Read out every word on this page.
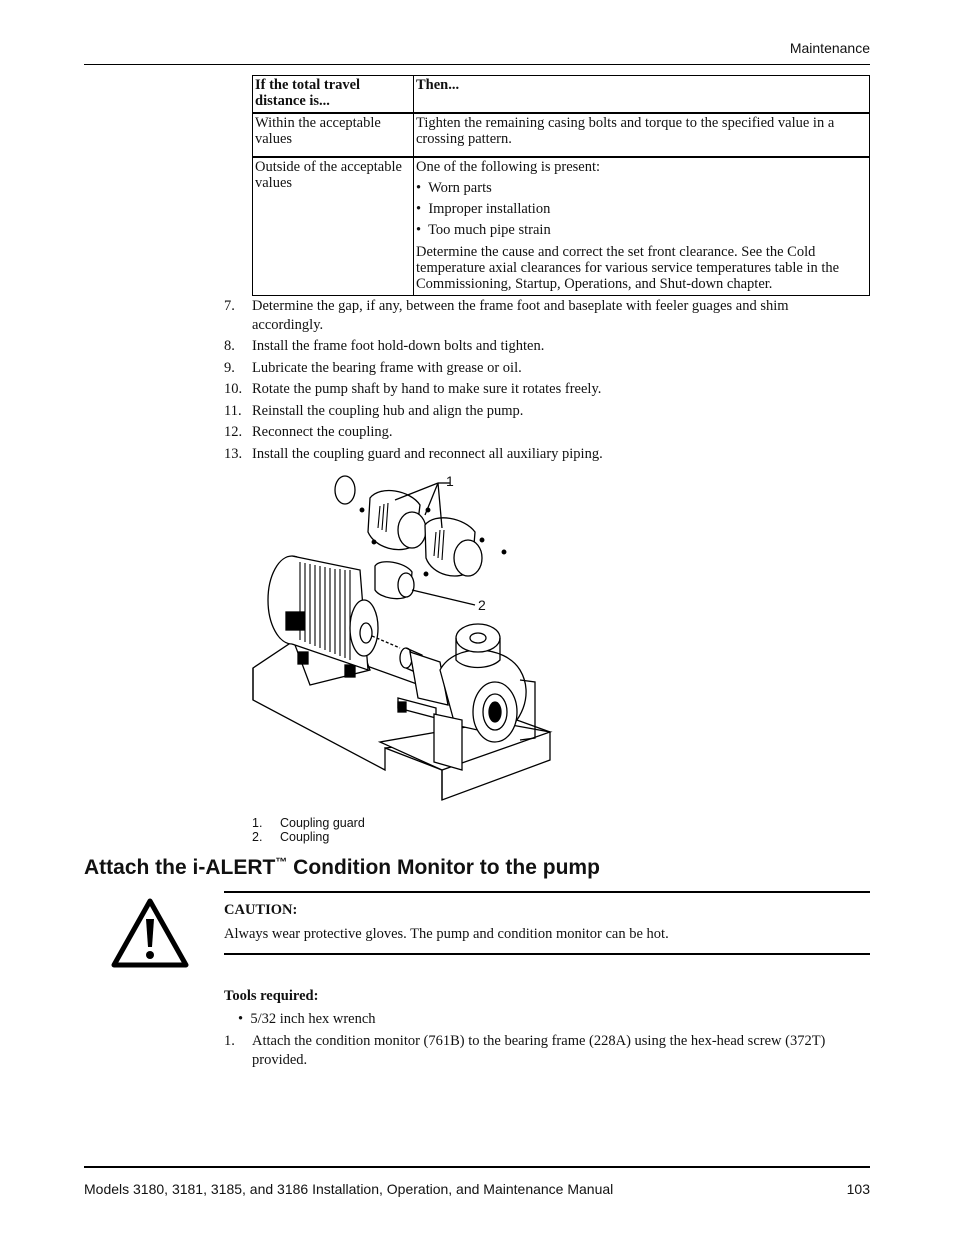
Maintenance
If the total travel distance is...	Then...
Within the acceptable values	Tighten the remaining casing bolts and torque to the specified value in a crossing pattern.
Outside of the acceptable values	One of the following is present:

•  Worn parts

•  Improper installation

•  Too much pipe strain

Determine the cause and correct the set front clearance. See the Cold temperature axial clearances for various service temperatures table in the Commissioning, Startup, Operations, and Shut-down chapter.

7.	Determine the gap, if any, between the frame foot and baseplate with feeler guages and shim accordingly.
8.	Install the frame foot hold-down bolts and tighten.
9.	Lubricate the bearing frame with grease or oil.
10. Rotate the pump shaft by hand to make sure it rotates freely.
11. Reinstall the coupling hub and align the pump.
12. Reconnect the coupling.
13. Install the coupling guard and reconnect all auxiliary piping.
1
2
1. Coupling guard
2. Coupling
Attach the i-ALERT™ Condition Monitor to the pump
CAUTION:
Always wear protective gloves. The pump and condition monitor can be hot.
Tools required:
•  5/32 inch hex wrench
1. Attach the condition monitor (761B) to the bearing frame (228A) using the hex-head screw (372T) provided.
Models 3180, 3181, 3185, and 3186 Installation, Operation, and Maintenance Manual	103
